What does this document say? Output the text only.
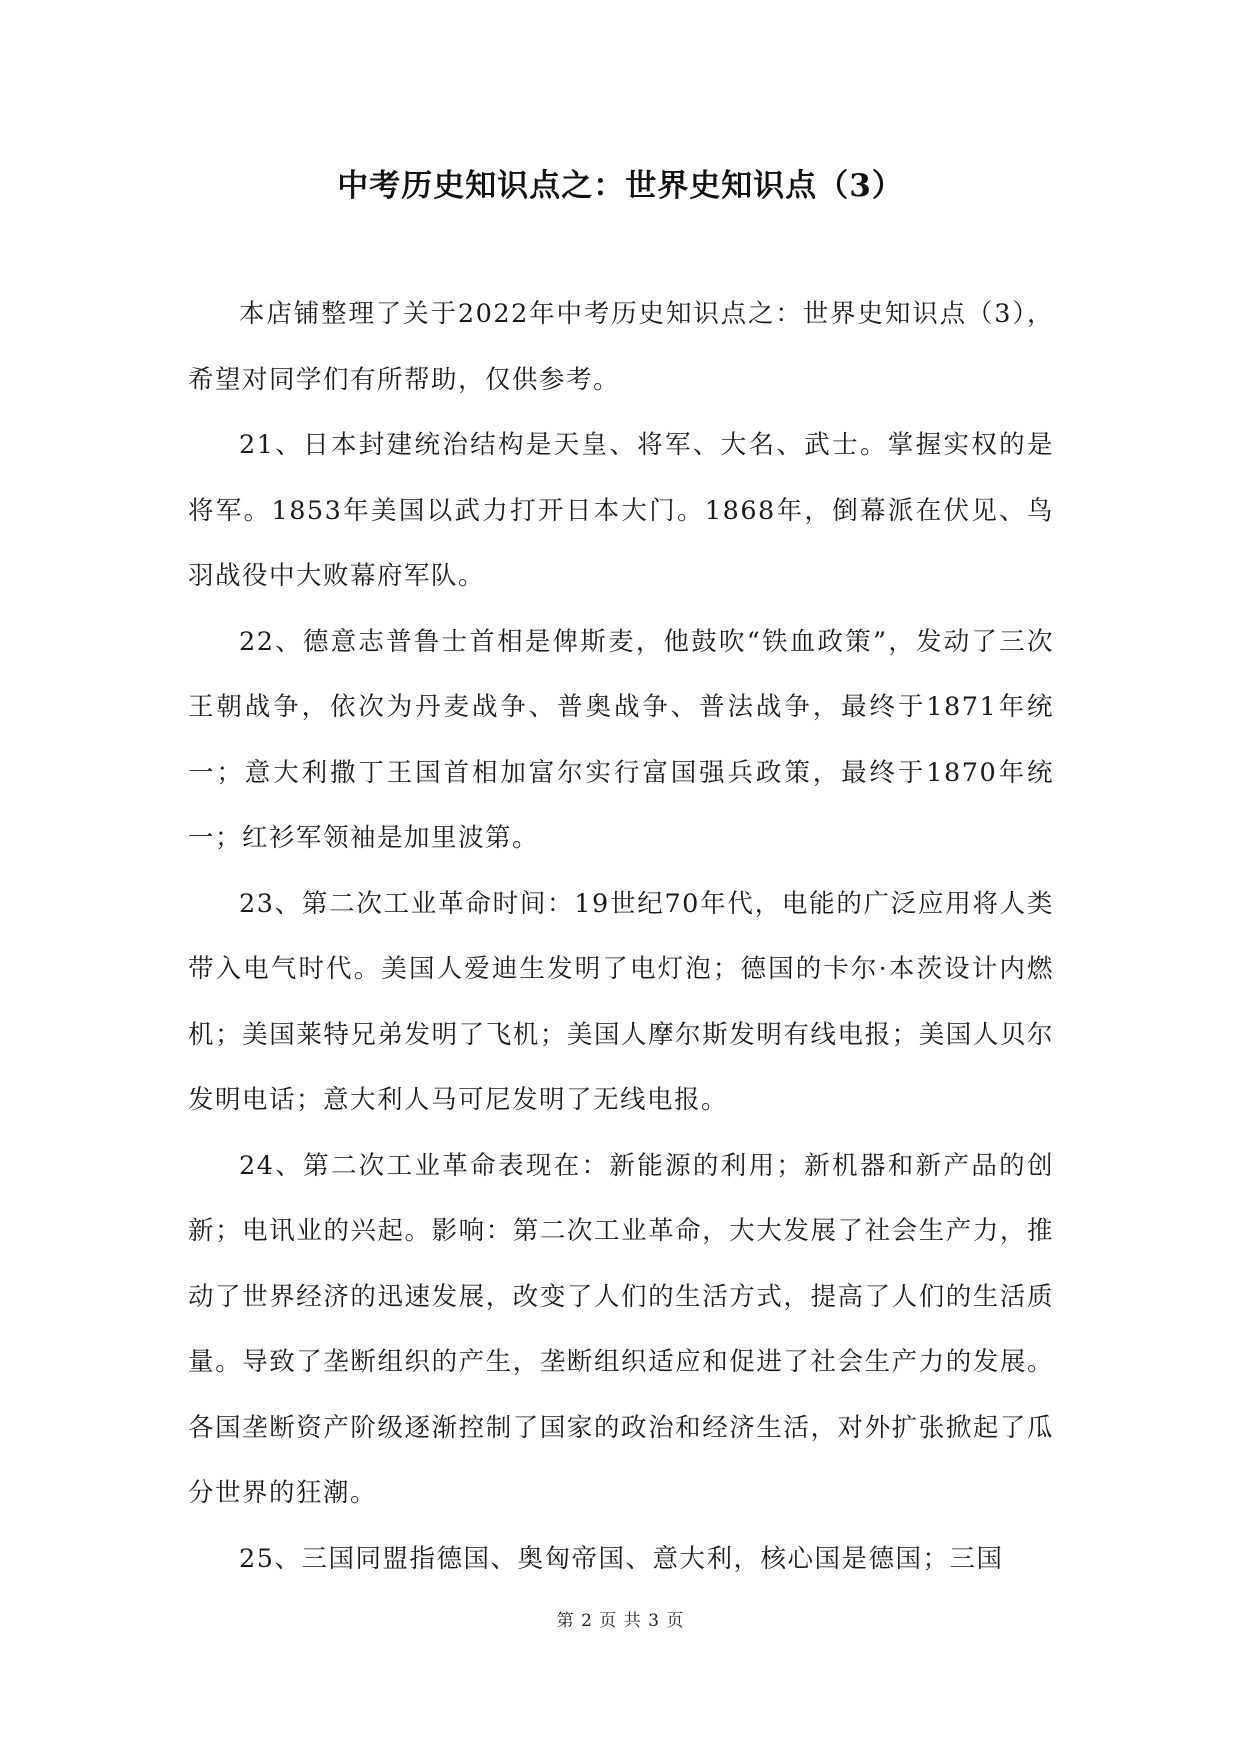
中考历史知识点之：世界史知识点（3）

本店铺整理了关于2022年中考历史知识点之：世界史知识点（3），希望对同学们有所帮助，仅供参考。

21、日本封建统治结构是天皇、将军、大名、武士。掌握实权的是将军。1853年美国以武力打开日本大门。1868年，倒幕派在伏见、鸟羽战役中大败幕府军队。

22、德意志普鲁士首相是俾斯麦，他鼓吹“铁血政策”，发动了三次王朝战争，依次为丹麦战争、普奥战争、普法战争，最终于1871年统一；意大利撒丁王国首相加富尔实行富国强兵政策，最终于1870年统一；红衫军领袖是加里波第。

23、第二次工业革命时间：19世纪70年代，电能的广泛应用将人类带入电气时代。美国人爱迪生发明了电灯泡；德国的卡尔·本茨设计内燃机；美国莱特兄弟发明了飞机；美国人摩尔斯发明有线电报；美国人贝尔发明电话；意大利人马可尼发明了无线电报。

24、第二次工业革命表现在：新能源的利用；新机器和新产品的创新；电讯业的兴起。影响：第二次工业革命，大大发展了社会生产力，推动了世界经济的迅速发展，改变了人们的生活方式，提高了人们的生活质量。导致了垄断组织的产生，垄断组织适应和促进了社会生产力的发展。各国垄断资产阶级逐渐控制了国家的政治和经济生活，对外扩张掀起了瓜分世界的狂潮。

25、三国同盟指德国、奥匈帝国、意大利，核心国是德国；三国

第 2 页 共 3 页
